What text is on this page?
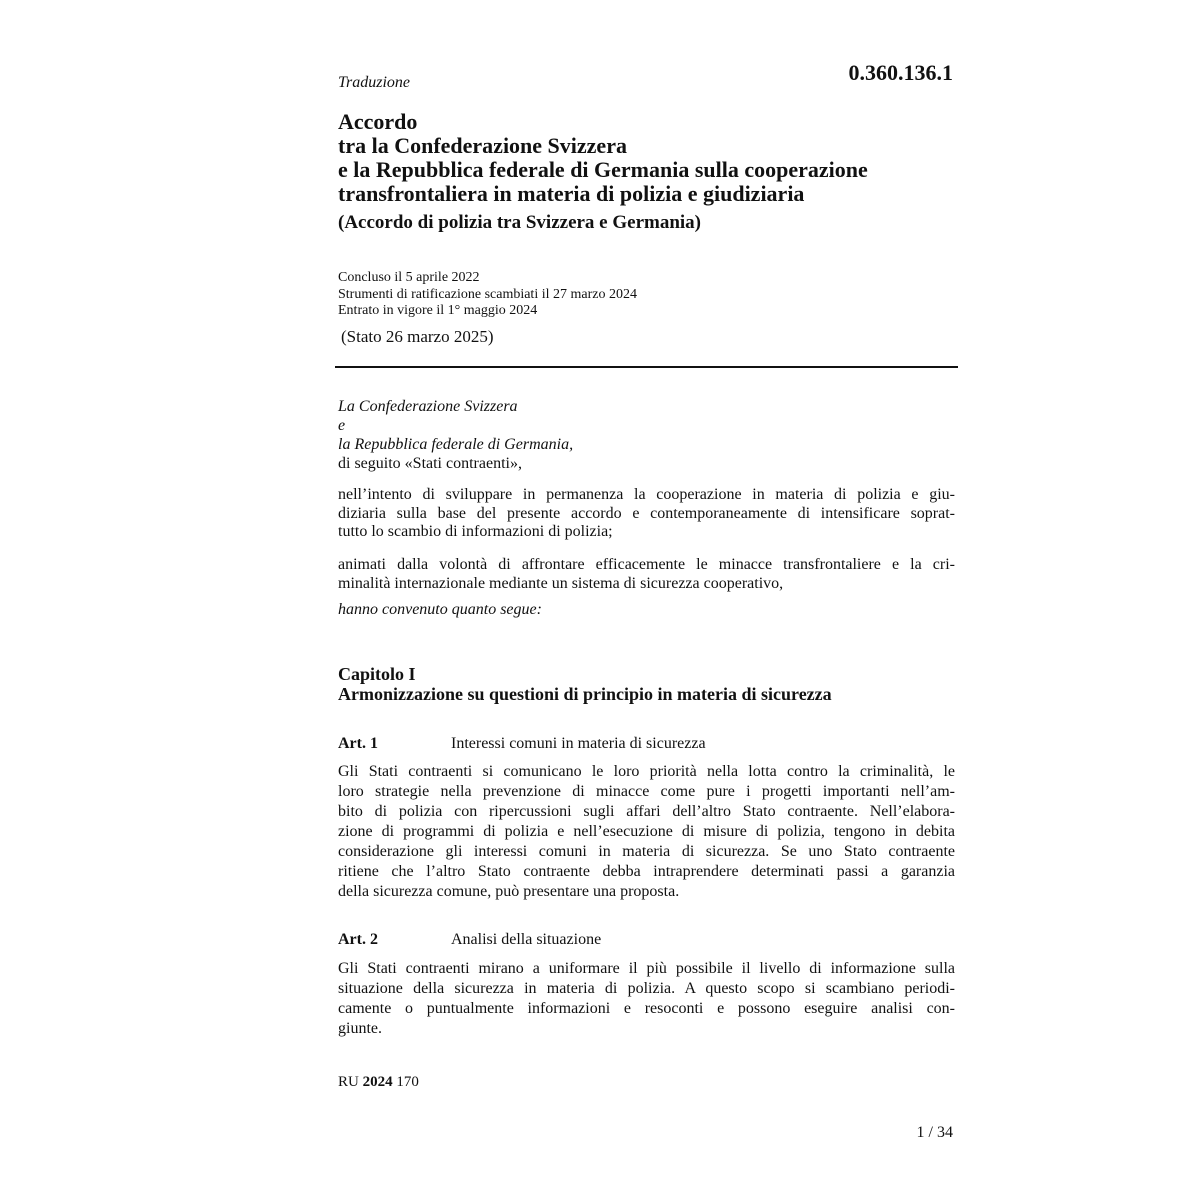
Traduzione	0.360.136.1
Accordo
tra la Confederazione Svizzera
e la Repubblica federale di Germania sulla cooperazione
transfrontaliera in materia di polizia e giudiziaria
(Accordo di polizia tra Svizzera e Germania)
Concluso il 5 aprile 2022
Strumenti di ratificazione scambiati il 27 marzo 2024
Entrato in vigore il 1° maggio 2024
(Stato 26 marzo 2025)
La Confederazione Svizzera
e
la Repubblica federale di Germania,
di seguito «Stati contraenti»,
nell’intento di sviluppare in permanenza la cooperazione in materia di polizia e giu-
diziaria sulla base del presente accordo e contemporaneamente di intensificare soprat-
tutto lo scambio di informazioni di polizia;
animati dalla volontà di affrontare efficacemente le minacce transfrontaliere e la cri-
minalità internazionale mediante un sistema di sicurezza cooperativo,
hanno convenuto quanto segue:
Capitolo I
Armonizzazione su questioni di principio in materia di sicurezza
Art. 1	Interessi comuni in materia di sicurezza
Gli Stati contraenti si comunicano le loro priorità nella lotta contro la criminalità, le
loro strategie nella prevenzione di minacce come pure i progetti importanti nell’am-
bito di polizia con ripercussioni sugli affari dell’altro Stato contraente. Nell’elabora-
zione di programmi di polizia e nell’esecuzione di misure di polizia, tengono in debita
considerazione gli interessi comuni in materia di sicurezza. Se uno Stato contraente
ritiene che l’altro Stato contraente debba intraprendere determinati passi a garanzia
della sicurezza comune, può presentare una proposta.
Art. 2	Analisi della situazione
Gli Stati contraenti mirano a uniformare il più possibile il livello di informazione sulla
situazione della sicurezza in materia di polizia. A questo scopo si scambiano periodi-
camente o puntualmente informazioni e resoconti e possono eseguire analisi con-
giunte.
RU 2024 170
1 / 34
